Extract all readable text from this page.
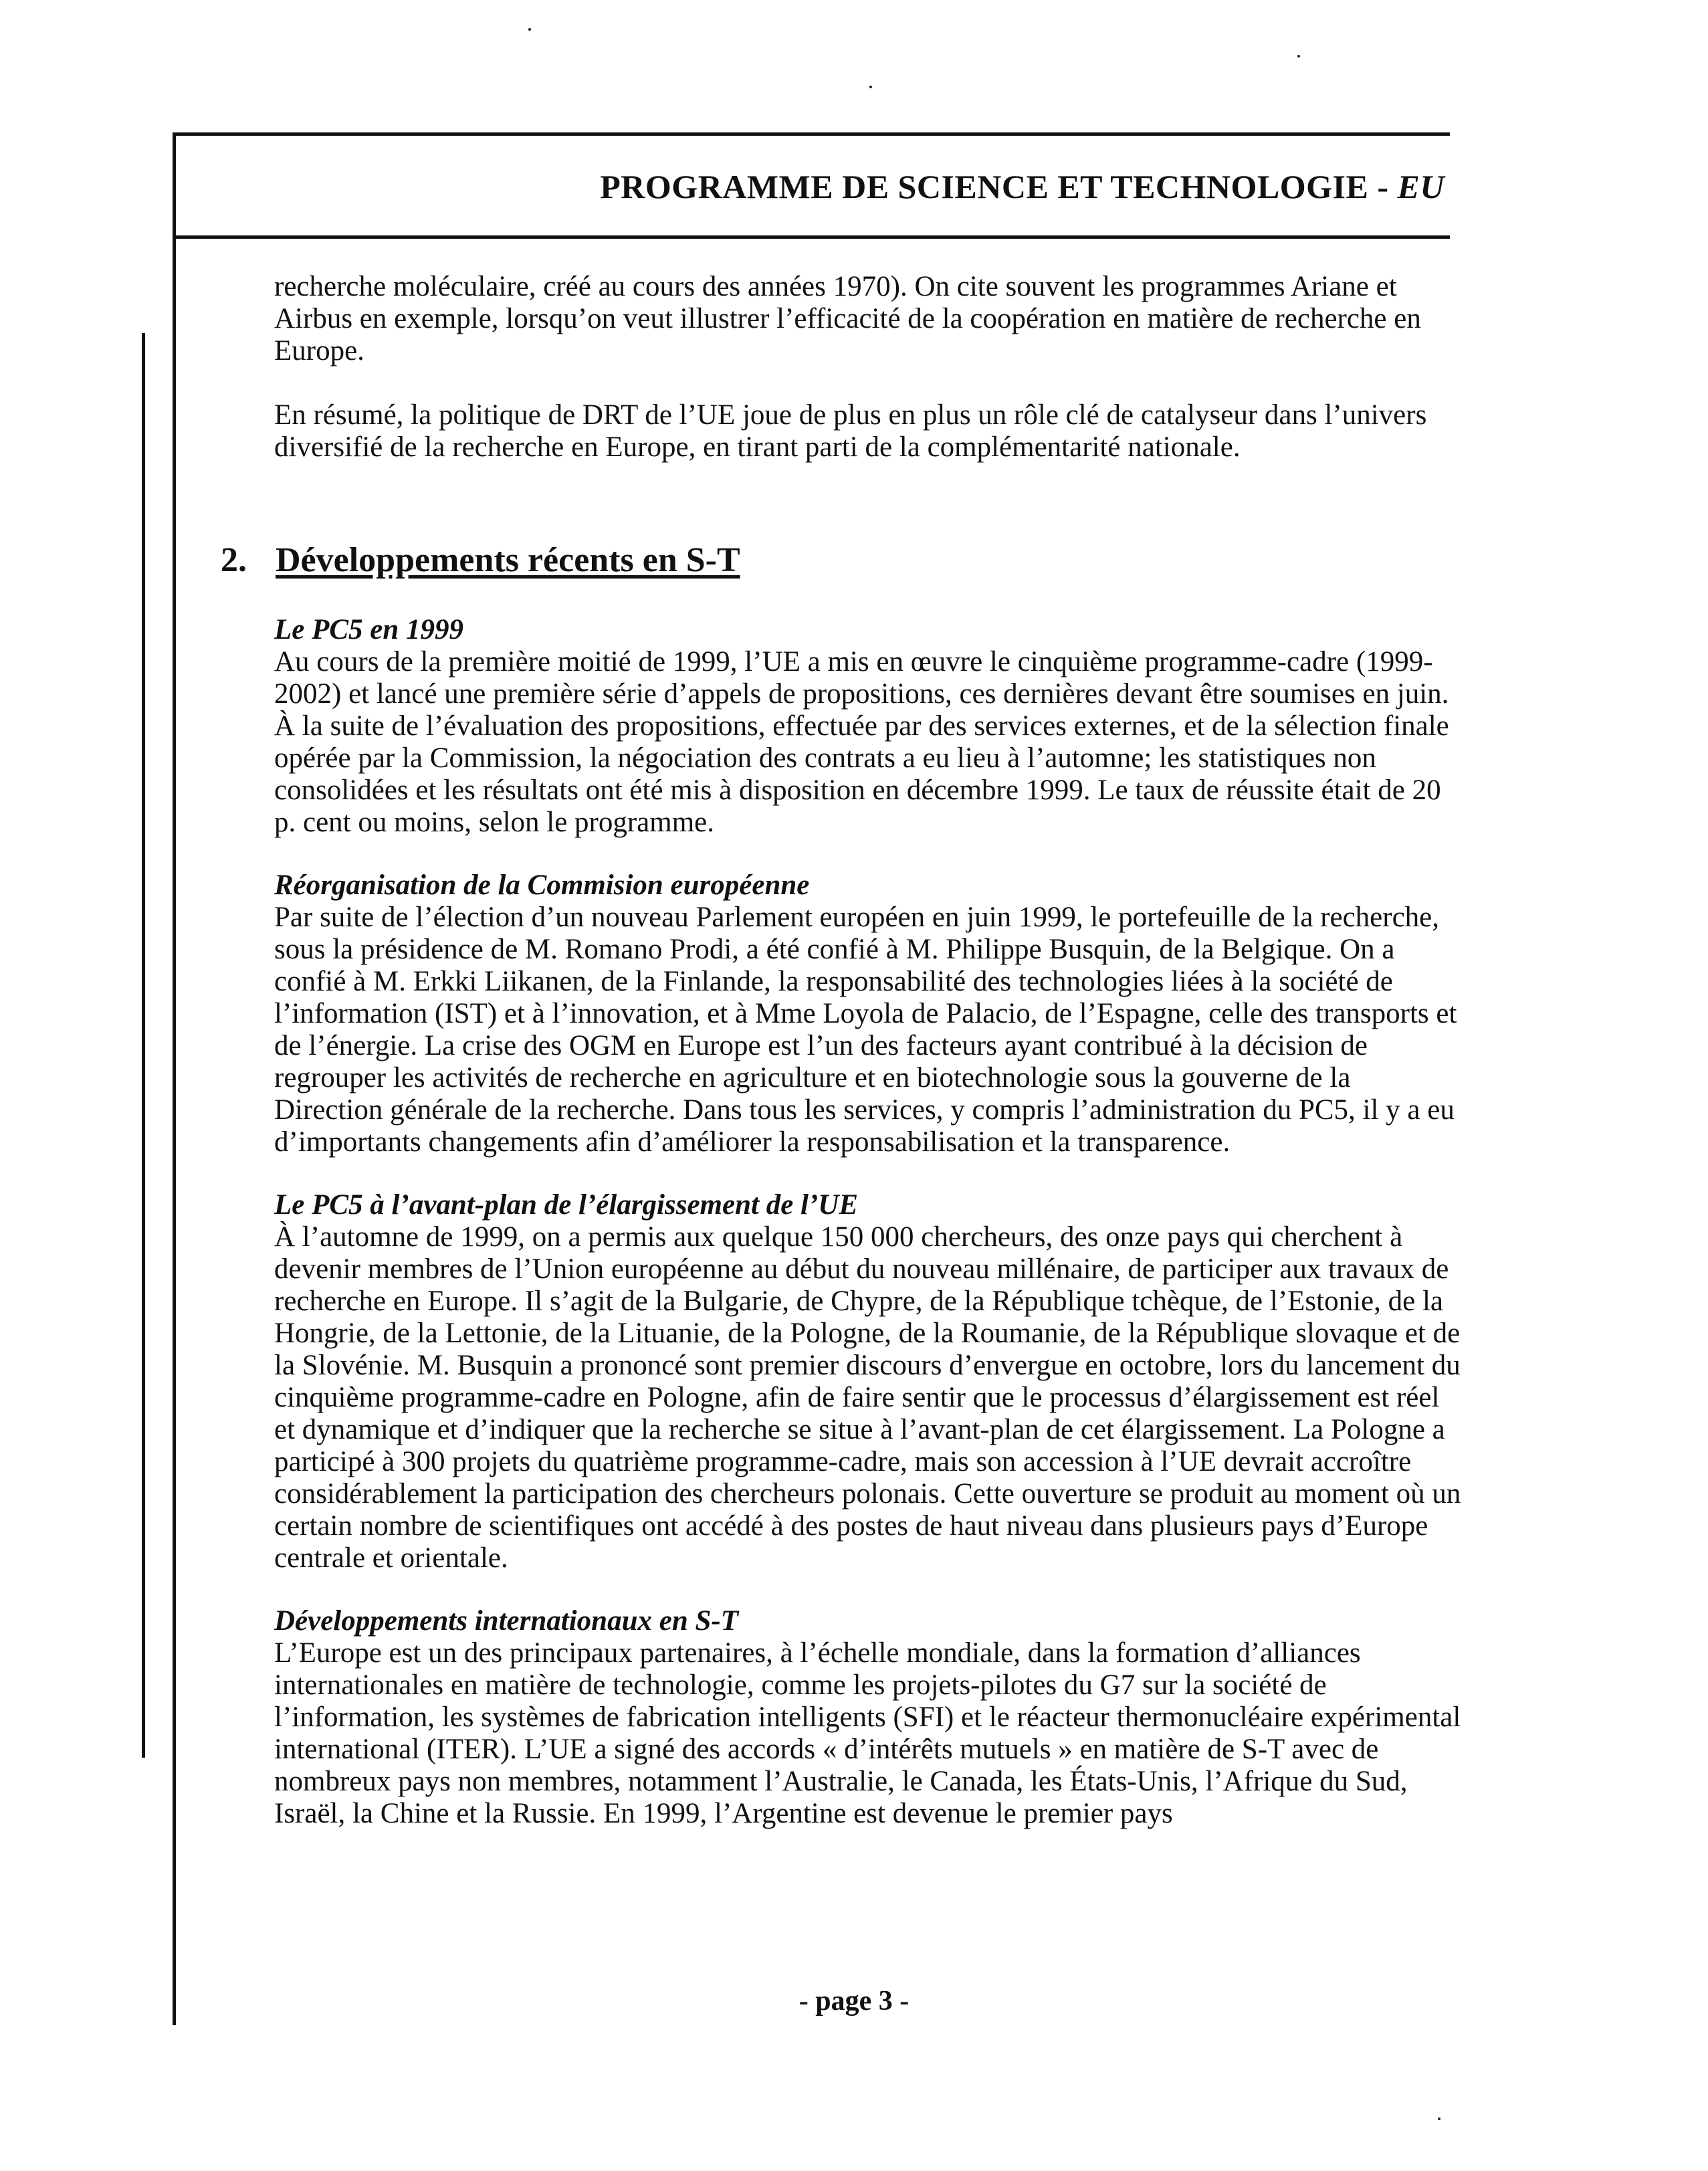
PROGRAMME DE SCIENCE ET TECHNOLOGIE - EU

recherche moléculaire, créé au cours des années 1970). On cite souvent les programmes Ariane et Airbus en exemple, lorsqu’on veut illustrer l’efficacité de la coopération en matière de recherche en Europe.

En résumé, la politique de DRT de l’UE joue de plus en plus un rôle clé de catalyseur dans l’univers diversifié de la recherche en Europe, en tirant parti de la complémentarité nationale.

2. Développements récents en S-T

Le PC5 en 1999

Au cours de la première moitié de 1999, l’UE a mis en œuvre le cinquième programme-cadre (1999-2002) et lancé une première série d’appels de propositions, ces dernières devant être soumises en juin. À la suite de l’évaluation des propositions, effectuée par des services externes, et de la sélection finale opérée par la Commission, la négociation des contrats a eu lieu à l’automne; les statistiques non consolidées et les résultats ont été mis à disposition en décembre 1999. Le taux de réussite était de 20 p. cent ou moins, selon le programme.

Réorganisation de la Commision européenne

Par suite de l’élection d’un nouveau Parlement européen en juin 1999, le portefeuille de la recherche, sous la présidence de M. Romano Prodi, a été confié à M. Philippe Busquin, de la Belgique. On a confié à M. Erkki Liikanen, de la Finlande, la responsabilité des technologies liées à la société de l’information (IST) et à l’innovation, et à Mme Loyola de Palacio, de l’Espagne, celle des transports et de l’énergie. La crise des OGM en Europe est l’un des facteurs ayant contribué à la décision de regrouper les activités de recherche en agriculture et en biotechnologie sous la gouverne de la Direction générale de la recherche. Dans tous les services, y compris l’administration du PC5, il y a eu d’importants changements afin d’améliorer la responsabilisation et la transparence.

Le PC5 à l’avant-plan de l’élargissement de l’UE

À l’automne de 1999, on a permis aux quelque 150 000 chercheurs, des onze pays qui cherchent à devenir membres de l’Union européenne au début du nouveau millénaire, de participer aux travaux de recherche en Europe. Il s’agit de la Bulgarie, de Chypre, de la République tchèque, de l’Estonie, de la Hongrie, de la Lettonie, de la Lituanie, de la Pologne, de la Roumanie, de la République slovaque et de la Slovénie. M. Busquin a prononcé sont premier discours d’envergue en octobre, lors du lancement du cinquième programme-cadre en Pologne, afin de faire sentir que le processus d’élargissement est réel et dynamique et d’indiquer que la recherche se situe à l’avant-plan de cet élargissement. La Pologne a participé à 300 projets du quatrième programme-cadre, mais son accession à l’UE devrait accroître considérablement la participation des chercheurs polonais. Cette ouverture se produit au moment où un certain nombre de scientifiques ont accédé à des postes de haut niveau dans plusieurs pays d’Europe centrale et orientale.

Développements internationaux en S-T

L’Europe est un des principaux partenaires, à l’échelle mondiale, dans la formation d’alliances internationales en matière de technologie, comme les projets-pilotes du G7 sur la société de l’information, les systèmes de fabrication intelligents (SFI) et le réacteur thermonucléaire expérimental international (ITER). L’UE a signé des accords « d’intérêts mutuels » en matière de S-T avec de nombreux pays non membres, notamment l’Australie, le Canada, les États-Unis, l’Afrique du Sud, Israël, la Chine et la Russie. En 1999, l’Argentine est devenue le premier pays

- page 3 -
